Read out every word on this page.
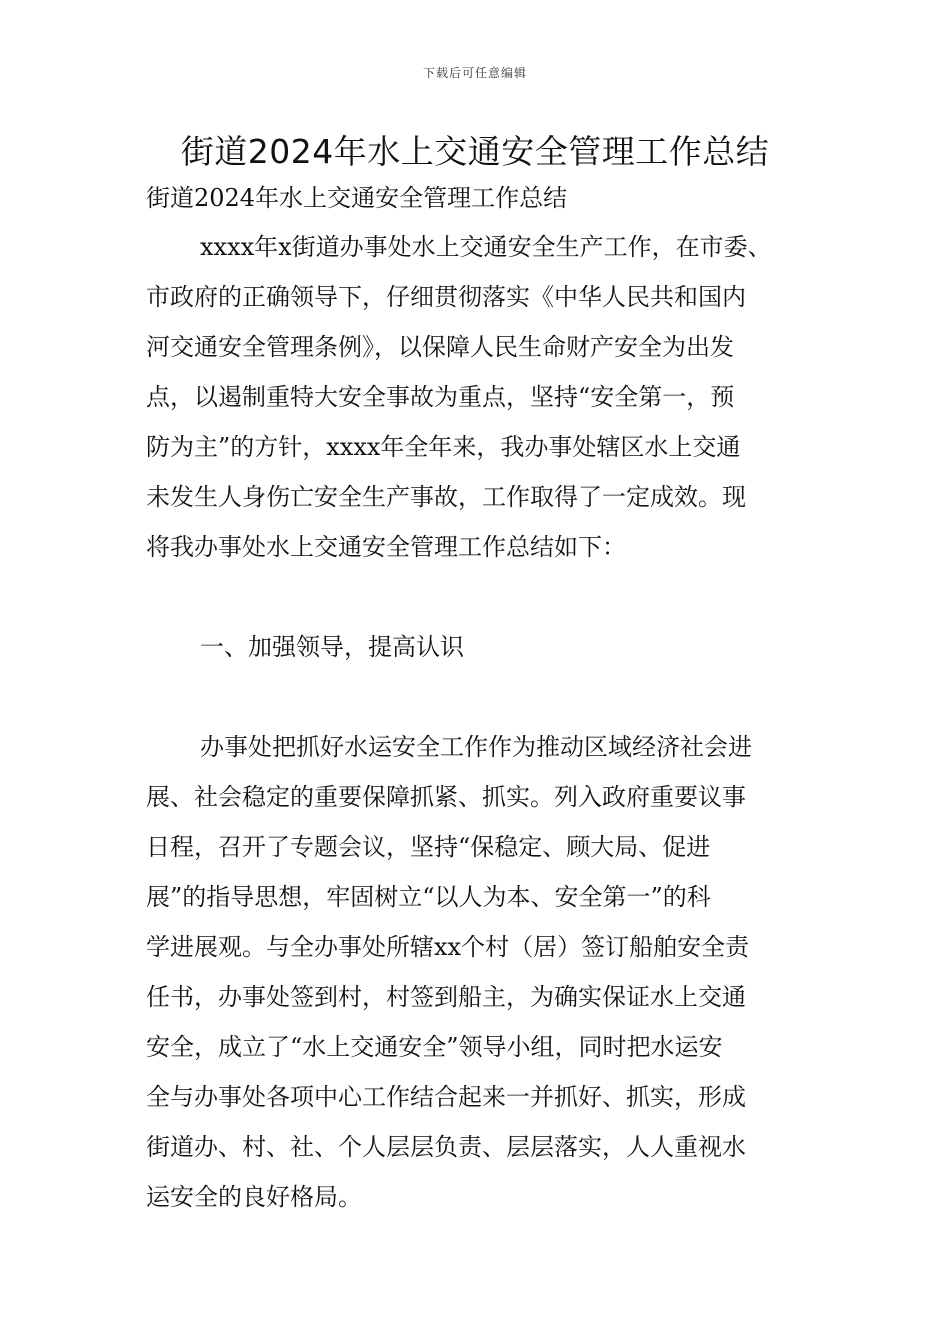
下载后可任意编辑
街道2024年水上交通安全管理工作总结
街道2024年水上交通安全管理工作总结
xxxx年x街道办事处水上交通安全生产工作，在市委、
市政府的正确领导下，仔细贯彻落实《中华人民共和国内
河交通安全管理条例》，以保障人民生命财产安全为出发
点，以遏制重特大安全事故为重点，坚持“安全第一，预
防为主”的方针，xxxx年全年来，我办事处辖区水上交通
未发生人身伤亡安全生产事故，工作取得了一定成效。现
将我办事处水上交通安全管理工作总结如下：
一、加强领导，提高认识
办事处把抓好水运安全工作作为推动区域经济社会进
展、社会稳定的重要保障抓紧、抓实。列入政府重要议事
日程，召开了专题会议，坚持“保稳定、顾大局、促进
展”的指导思想，牢固树立“以人为本、安全第一”的科
学进展观。与全办事处所辖xx个村（居）签订船舶安全责
任书，办事处签到村，村签到船主，为确实保证水上交通
安全，成立了“水上交通安全”领导小组，同时把水运安
全与办事处各项中心工作结合起来一并抓好、抓实，形成
街道办、村、社、个人层层负责、层层落实，人人重视水
运安全的良好格局。
